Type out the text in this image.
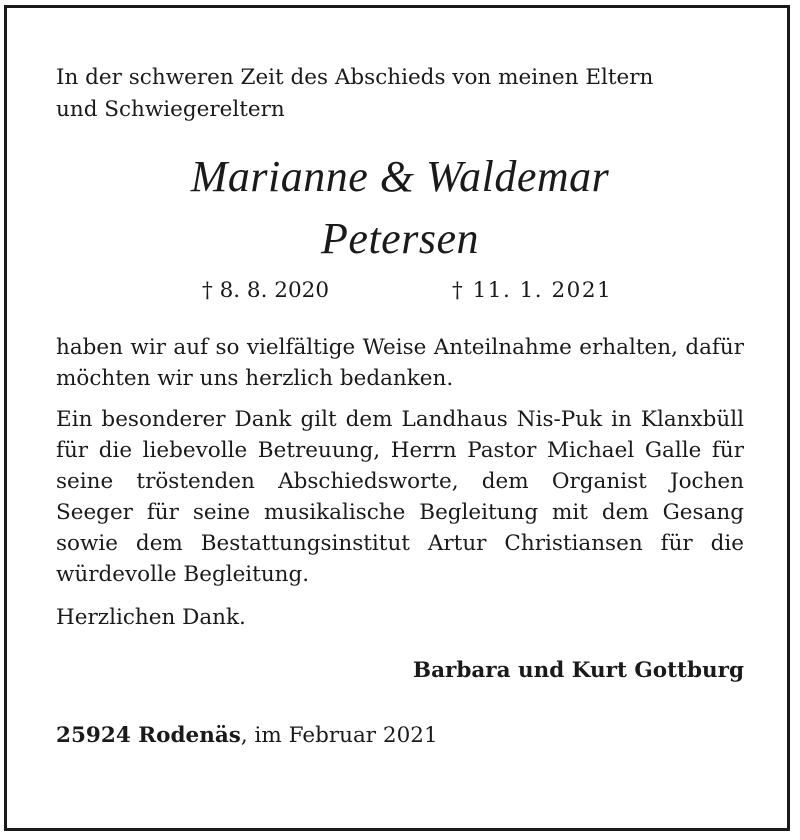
In der schweren Zeit des Abschieds von meinen Eltern
und Schwiegereltern

Marianne & Waldemar
Petersen
† 8. 8. 2020	† 11. 1. 2021

haben wir auf so vielfältige Weise Anteilnahme erhalten, dafür möchten wir uns herzlich bedanken.

Ein besonderer Dank gilt dem Landhaus Nis-Puk in Klanxbüll für die liebevolle Betreuung, Herrn Pastor Michael Galle für seine tröstenden Abschiedsworte, dem Organist Jochen Seeger für seine musikalische Begleitung mit dem Gesang sowie dem Bestattungsinstitut Artur Christiansen für die würdevolle Begleitung.

Herzlichen Dank.

Barbara und Kurt Gottburg

25924 Rodenäs, im Februar 2021
